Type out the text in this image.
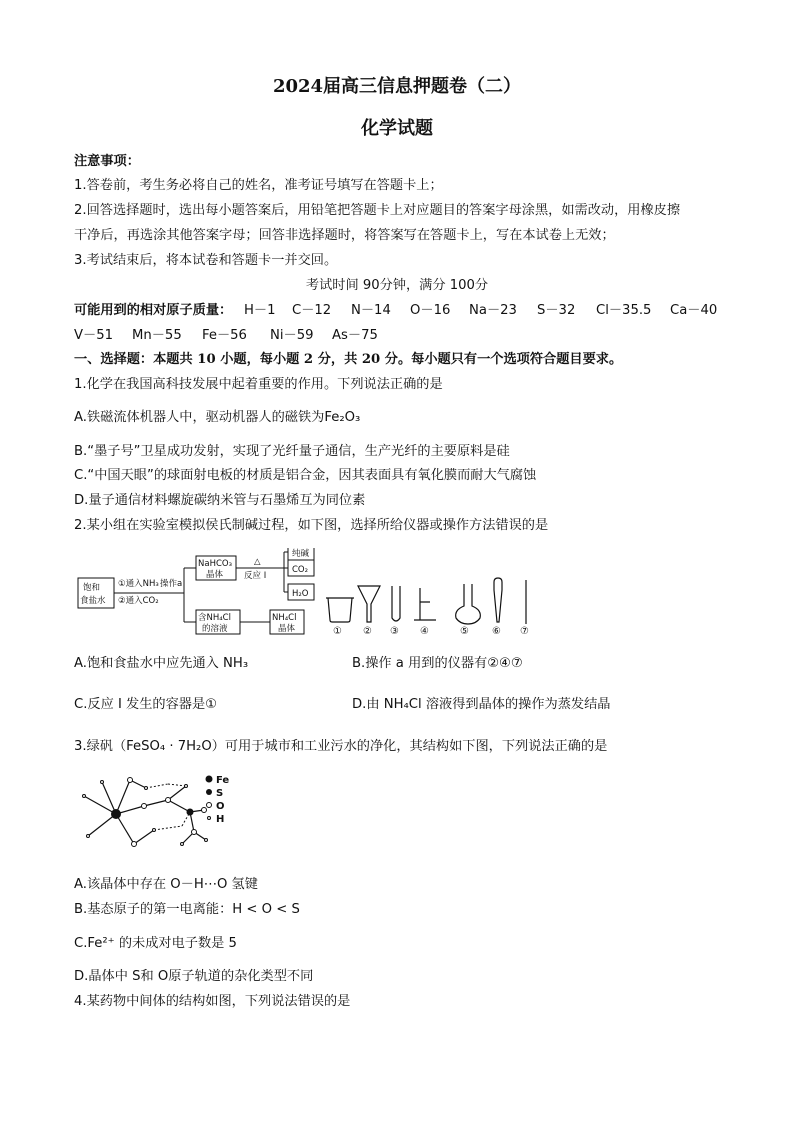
2024届高三信息押题卷（二）
化学试题
注意事项：
1.答卷前，考生务必将自己的姓名，准考证号填写在答题卡上；
2.回答选择题时，选出每小题答案后，用铅笔把答题卡上对应题目的答案字母涂黑，如需改动，用橡皮擦
干净后，再选涂其他答案字母；回答非选择题时，将答案写在答题卡上，写在本试卷上无效；
3.考试结束后，将本试卷和答题卡一并交回。
考试时间 90分钟，满分 100分
可能用到的相对原子质量： H－1 C－12 N－14 O－16 Na－23 S－32 Cl－35.5 Ca－40
V－51 Mn－55 Fe－56 Ni－59 As－75
一、选择题：本题共 10 小题，每小题 2 分，共 20 分。每小题只有一个选项符合题目要求。
1.化学在我国高科技发展中起着重要的作用。下列说法正确的是
A.铁磁流体机器人中，驱动机器人的磁铁为Fe₂O₃
B.“墨子号”卫星成功发射，实现了光纤量子通信，生产光纤的主要原料是硅
C.“中国天眼”的球面射电板的材质是铝合金，因其表面具有氧化膜而耐大气腐蚀
D.量子通信材料螺旋碳纳米管与石墨烯互为同位素
2.某小组在实验室模拟侯氏制碱过程，如下图，选择所给仪器或操作方法错误的是
饱和
食盐水
①通入NH₃
②通入CO₂
操作a
NaHCO₃
晶体
△
反应 I
纯碱
CO₂
H₂O
含NH₄Cl
的溶液
NH₄Cl
晶体	① ② ③ ④	⑤ ⑥ ⑦
A.饱和食盐水中应先通入 NH₃	B.操作 a 用到的仪器有②④⑦
C.反应 I 发生的容器是①	D.由 NH₄Cl 溶液得到晶体的操作为蒸发结晶
3.绿矾（FeSO₄ · 7H₂O）可用于城市和工业污水的净化，其结构如下图，下列说法正确的是
Fe
S
O
H
A.该晶体中存在 O－H⋯O 氢键
B.基态原子的第一电离能：H < O < S
C.Fe²⁺ 的未成对电子数是 5
D.晶体中 S和 O原子轨道的杂化类型不同
4.某药物中间体的结构如图，下列说法错误的是
